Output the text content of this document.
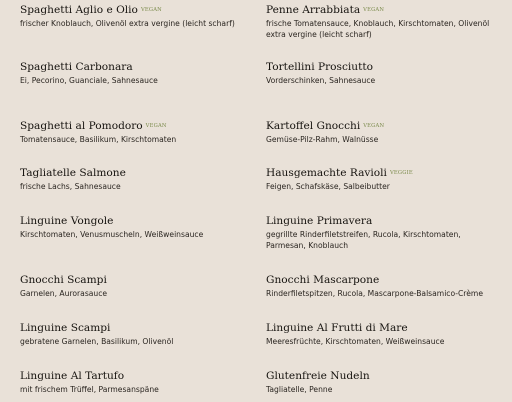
Spaghetti Aglio e Olio VEGAN
frischer Knoblauch, Olivenöl extra vergine (leicht scharf)
Spaghetti Carbonara
Ei, Pecorino, Guanciale, Sahnesauce
Spaghetti al Pomodoro VEGAN
Tomatensauce, Basilikum, Kirschtomaten
Tagliatelle Salmone
frische Lachs, Sahnesauce
Linguine Vongole
Kirschtomaten, Venusmuscheln, Weißweinsauce
Gnocchi Scampi
Garnelen, Aurorasauce
Linguine Scampi
gebratene Garnelen, Basilikum, Olivenöl
Linguine Al Tartufo
mit frischem Trüffel, Parmesanspäne
Penne Arrabbiata VEGAN
frische Tomatensauce, Knoblauch, Kirschtomaten, Olivenöl extra vergine (leicht scharf)
Tortellini Prosciutto
Vorderschinken, Sahnesauce
Kartoffel Gnocchi VEGAN
Gemüse-Pilz-Rahm, Walnüsse
Hausgemachte Ravioli VEGGIE
Feigen, Schafskäse, Salbeibutter
Linguine Primavera
gegrillte Rinderfiletstreifen, Rucola, Kirschtomaten, Parmesan, Knoblauch
Gnocchi Mascarpone
Rinderfiletspitzen, Rucola, Mascarpone-Balsamico-Crème
Linguine Al Frutti di Mare
Meeresfrüchte, Kirschtomaten, Weißweinsauce
Glutenfreie Nudeln
Tagliatelle, Penne
